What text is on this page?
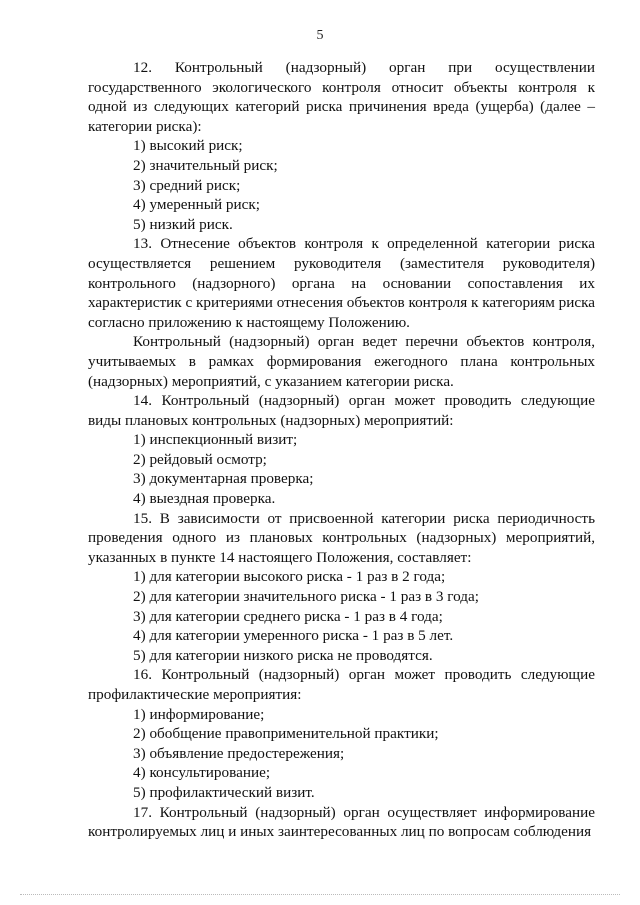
5

12. Контрольный (надзорный) орган при осуществлении государственного экологического контроля относит объекты контроля к одной из следующих категорий риска причинения вреда (ущерба) (далее – категории риска):

1) высокий риск;

2) значительный риск;

3) средний риск;

4) умеренный риск;

5) низкий риск.

13. Отнесение объектов контроля к определенной категории риска осуществляется решением руководителя (заместителя руководителя) контрольного (надзорного) органа на основании сопоставления их характеристик с критериями отнесения объектов контроля к категориям риска согласно приложению к настоящему Положению.

Контрольный (надзорный) орган ведет перечни объектов контроля, учитываемых в рамках формирования ежегодного плана контрольных (надзорных) мероприятий, с указанием категории риска.

14. Контрольный (надзорный) орган может проводить следующие виды плановых контрольных (надзорных) мероприятий:

1) инспекционный визит;

2) рейдовый осмотр;

3) документарная проверка;

4) выездная проверка.

15. В зависимости от присвоенной категории риска периодичность проведения одного из плановых контрольных (надзорных) мероприятий, указанных в пункте 14 настоящего Положения, составляет:

1) для категории высокого риска - 1 раз в 2 года;

2) для категории значительного риска - 1 раз в 3 года;

3) для категории среднего риска - 1 раз в 4 года;

4) для категории умеренного риска - 1 раз в 5 лет.

5) для категории низкого риска не проводятся.

16. Контрольный (надзорный) орган может проводить следующие профилактические мероприятия:

1) информирование;

2) обобщение правоприменительной практики;

3) объявление предостережения;

4) консультирование;

5) профилактический визит.

17. Контрольный (надзорный) орган осуществляет информирование контролируемых лиц и иных заинтересованных лиц по вопросам соблюдения
